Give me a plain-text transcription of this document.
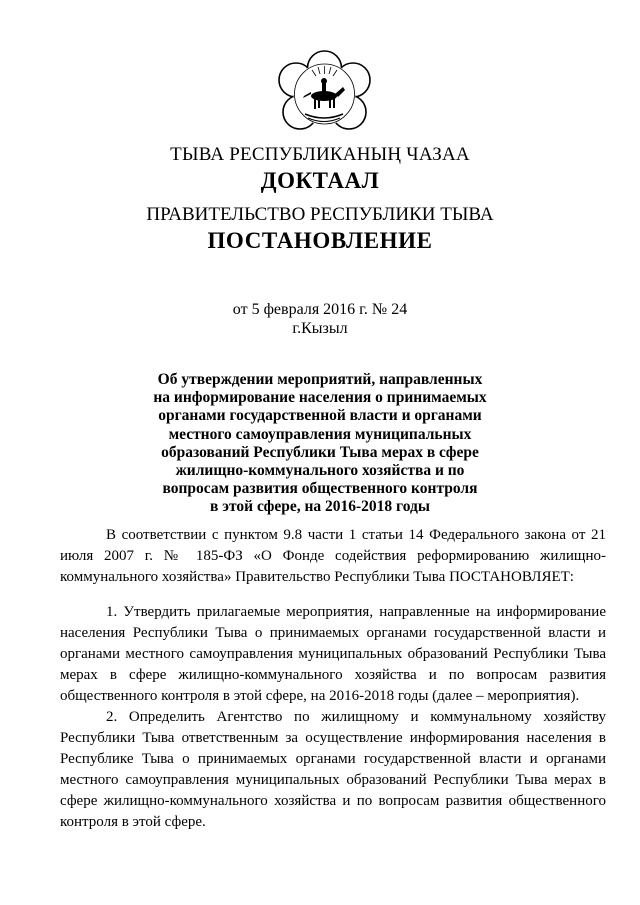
ТЫВА РЕСПУБЛИКАНЫҢ ЧАЗАА
ДОКТААЛ
ПРАВИТЕЛЬСТВО РЕСПУБЛИКИ ТЫВА
ПОСТАНОВЛЕНИЕ
от 5 февраля 2016 г. № 24
г.Кызыл
Об утверждении мероприятий, направленных
на информирование населения о принимаемых
органами государственной власти и органами
местного самоуправления муниципальных
образований Республики Тыва мерах в сфере
жилищно-коммунального хозяйства и по
вопросам развития общественного контроля
в этой сфере, на 2016-2018 годы
В соответствии с пунктом 9.8 части 1 статьи 14 Федерального закона от 21 июля 2007 г. № 185-ФЗ «О Фонде содействия реформированию жилищно-коммунального хозяйства» Правительство Республики Тыва ПОСТАНОВЛЯЕТ:
1. Утвердить прилагаемые мероприятия, направленные на информирование населения Республики Тыва о принимаемых органами государственной власти и органами местного самоуправления муниципальных образований Республики Тыва мерах в сфере жилищно-коммунального хозяйства и по вопросам развития общественного контроля в этой сфере, на 2016-2018 годы (далее – мероприятия).
2. Определить Агентство по жилищному и коммунальному хозяйству Республики Тыва ответственным за осуществление информирования населения в Республике Тыва о принимаемых органами государственной власти и органами местного самоуправления муниципальных образований Республики Тыва мерах в сфере жилищно-коммунального хозяйства и по вопросам развития общественного контроля в этой сфере.
